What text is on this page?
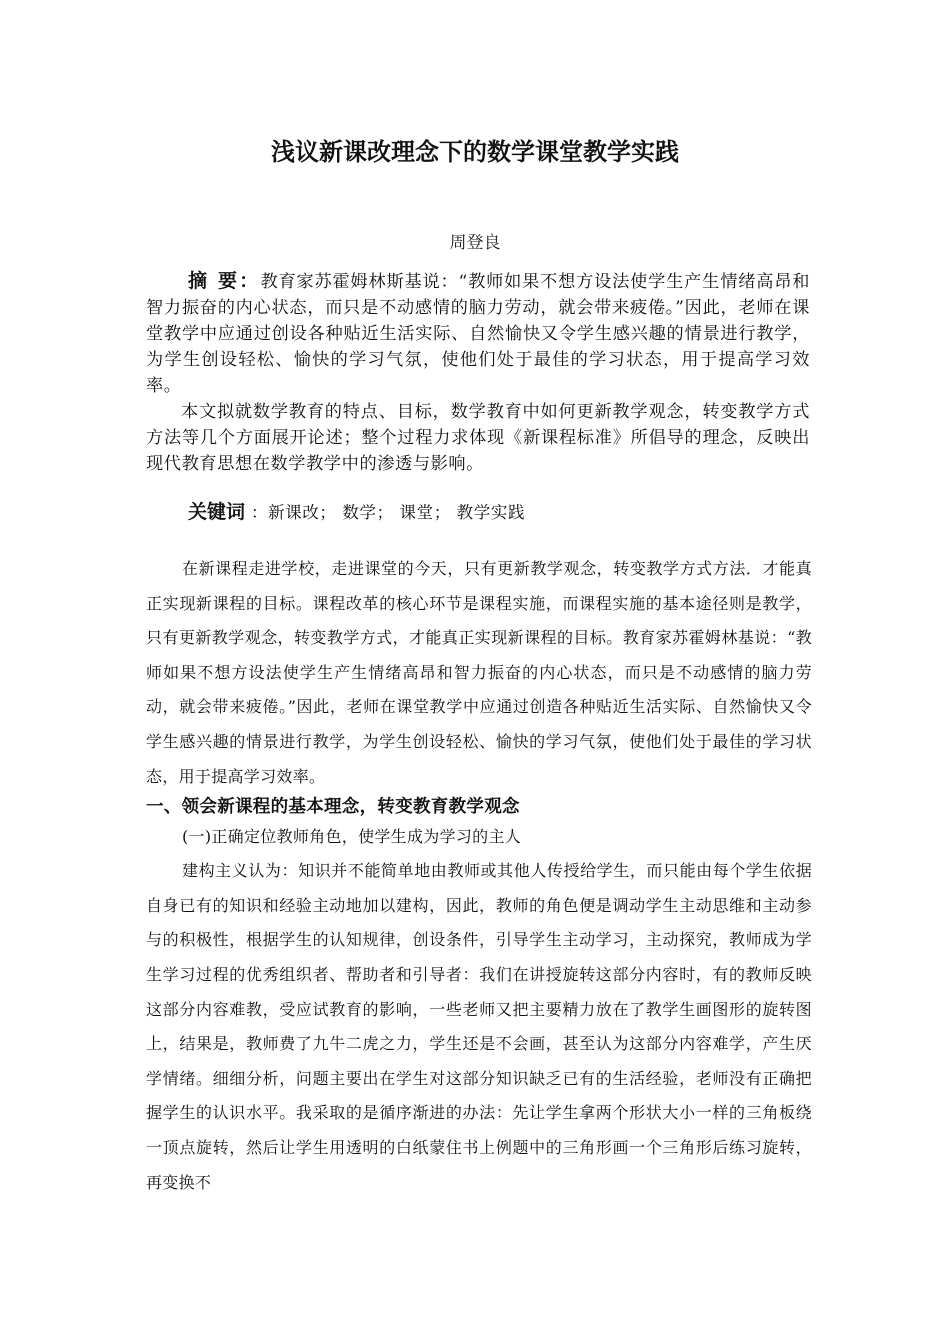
浅议新课改理念下的数学课堂教学实践
周登良

摘 要：教育家苏霍姆林斯基说：“教师如果不想方设法使学生产生情绪高昂和智力振奋的内心状态，而只是不动感情的脑力劳动，就会带来疲倦。”因此，老师在课堂教学中应通过创设各种贴近生活实际、自然愉快又令学生感兴趣的情景进行教学，为学生创设轻松、愉快的学习气氛，使他们处于最佳的学习状态，用于提高学习效率。

本文拟就数学教育的特点、目标，数学教育中如何更新教学观念，转变教学方式方法等几个方面展开论述；整个过程力求体现《新课程标准》所倡导的理念，反映出现代教育思想在数学教学中的渗透与影响。

关键词 ：新课改； 数学； 课堂； 教学实践

在新课程走进学校，走进课堂的今天，只有更新教学观念，转变教学方式方法．才能真正实现新课程的目标。课程改革的核心环节是课程实施，而课程实施的基本途径则是教学，只有更新教学观念，转变教学方式，才能真正实现新课程的目标。教育家苏霍姆林基说：“教师如果不想方设法使学生产生情绪高昂和智力振奋的内心状态，而只是不动感情的脑力劳动，就会带来疲倦。”因此，老师在课堂教学中应通过创造各种贴近生活实际、自然愉快又令学生感兴趣的情景进行教学，为学生创设轻松、愉快的学习气氛，使他们处于最佳的学习状态，用于提高学习效率。

一、领会新课程的基本理念，转变教育教学观念

(一)正确定位教师角色，使学生成为学习的主人

建构主义认为：知识并不能简单地由教师或其他人传授给学生，而只能由每个学生依据自身已有的知识和经验主动地加以建构，因此，教师的角色便是调动学生主动思维和主动参与的积极性，根据学生的认知规律，创设条件，引导学生主动学习，主动探究，教师成为学生学习过程的优秀组织者、帮助者和引导者：我们在讲授旋转这部分内容时，有的教师反映这部分内容难教，受应试教育的影响，一些老师又把主要精力放在了教学生画图形的旋转图上，结果是，教师费了九牛二虎之力，学生还是不会画，甚至认为这部分内容难学，产生厌学情绪。细细分析，问题主要出在学生对这部分知识缺乏已有的生活经验，老师没有正确把握学生的认识水平。我采取的是循序渐进的办法：先让学生拿两个形状大小一样的三角板绕一顶点旋转，然后让学生用透明的白纸蒙住书上例题中的三角形画一个三角形后练习旋转，再变换不
